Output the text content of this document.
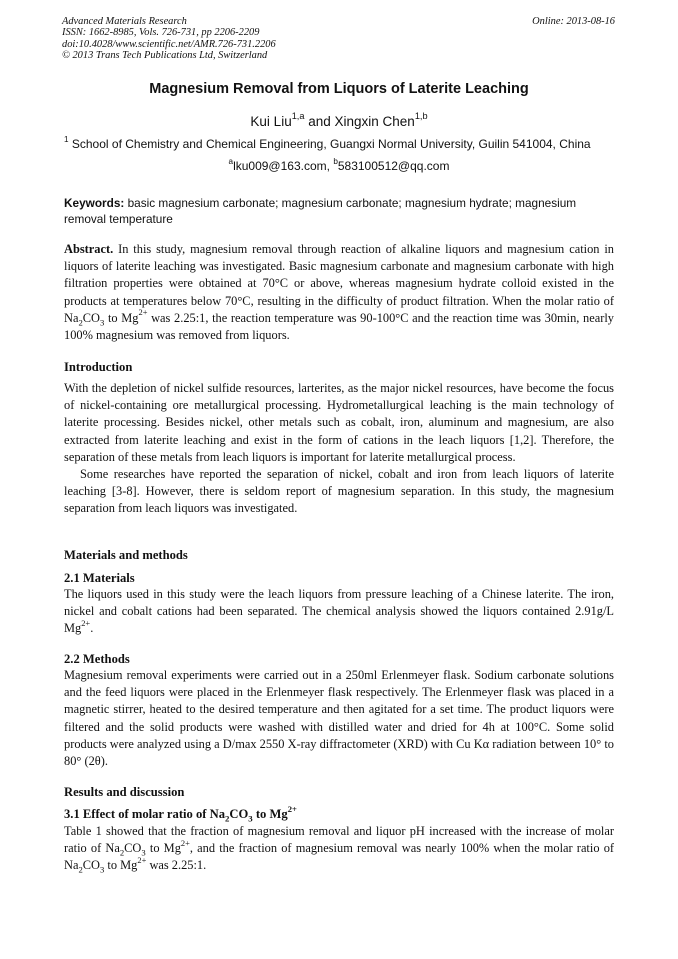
Advanced Materials Research
ISSN: 1662-8985, Vols. 726-731, pp 2206-2209
doi:10.4028/www.scientific.net/AMR.726-731.2206
© 2013 Trans Tech Publications Ltd, Switzerland
Online: 2013-08-16
Magnesium Removal from Liquors of Laterite Leaching
Kui Liu$^{1,a}$ and Xingxin Chen$^{1,b}$
$^1$ School of Chemistry and Chemical Engineering, Guangxi Normal University, Guilin 541004, China
$^a$lku009@163.com, $^b$583100512@qq.com
Keywords: basic magnesium carbonate; magnesium carbonate; magnesium hydrate; magnesium removal temperature

Abstract. In this study, magnesium removal through reaction of alkaline liquors and magnesium cation in liquors of laterite leaching was investigated. Basic magnesium carbonate and magnesium carbonate with high filtration properties were obtained at 70°C or above, whereas magnesium hydrate colloid existed in the products at temperatures below 70°C, resulting in the difficulty of product filtration. When the molar ratio of $Na_2CO_3$ to $Mg^{2+}$ was 2.25:1, the reaction temperature was 90-100°C and the reaction time was 30min, nearly 100% magnesium was removed from liquors.

Introduction

With the depletion of nickel sulfide resources, larterites, as the major nickel resources, have become the focus of nickel-containing ore metallurgical processing. Hydrometallurgical leaching is the main technology of laterite processing. Besides nickel, other metals such as cobalt, iron, aluminum and magnesium, are also extracted from laterite leaching and exist in the form of cations in the leach liquors [1,2]. Therefore, the separation of these metals from leach liquors is important for laterite metallurgical process.

Some researches have reported the separation of nickel, cobalt and iron from leach liquors of laterite leaching [3-8]. However, there is seldom report of magnesium separation. In this study, the magnesium separation from leach liquors was investigated.

Materials and methods
2.1 Materials

The liquors used in this study were the leach liquors from pressure leaching of a Chinese laterite. The iron, nickel and cobalt cations had been separated. The chemical analysis showed the liquors contained 2.91g/L $Mg^{2+}$.

2.2 Methods

Magnesium removal experiments were carried out in a 250ml Erlenmeyer flask. Sodium carbonate solutions and the feed liquors were placed in the Erlenmeyer flask respectively. The Erlenmeyer flask was placed in a magnetic stirrer, heated to the desired temperature and then agitated for a set time. The product liquors were filtered and the solid products were washed with distilled water and dried for 4h at 100°C. Some solid products were analyzed using a D/max 2550 X-ray diffractometer (XRD) with Cu Kα radiation between 10° to 80° (2θ).

Results and discussion
3.1 Effect of molar ratio of $Na_2CO_3$ to $Mg^{2+}$

Table 1 showed that the fraction of magnesium removal and liquor pH increased with the increase of molar ratio of $Na_2CO_3$ to $Mg^{2+}$, and the fraction of magnesium removal was nearly 100% when the molar ratio of $Na_2CO_3$ to $Mg^{2+}$ was 2.25:1.
